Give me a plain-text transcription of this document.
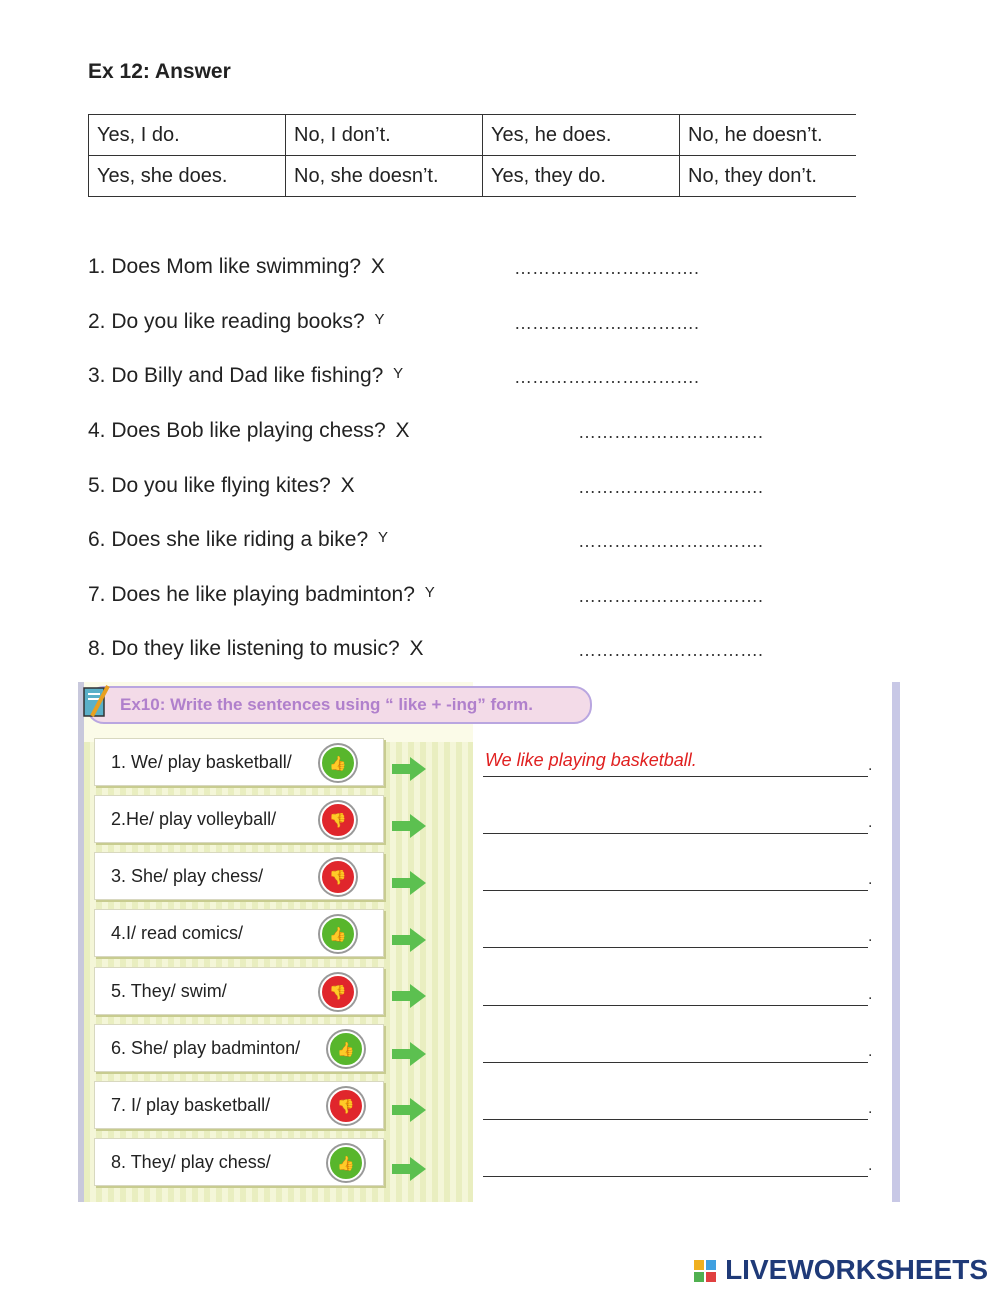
Ex 12: Answer
Yes, I do.	No, I don’t.	Yes, he does.	No, he doesn’t.
Yes, she does.	No, she doesn’t.	Yes, they do.	No, they don’t.
1. Does Mom like swimming? X	………………………….
2. Do you like reading books? Y	………………………….
3. Do Billy and Dad like fishing? Y	………………………….
4. Does Bob like playing chess? X	………………………….
5. Do you like flying kites? X	………………………….
6. Does she like riding a bike? Y	………………………….
7. Does he like playing badminton? Y	………………………….
8. Do they like listening to music? X	………………………….
Ex10: Write the sentences using “ like + -ing” form.
1. We/ play basketball/	👍	We like playing basketball.	.
2.He/ play volleyball/	👎	.
3. She/ play chess/	👎	.
4.I/ read comics/	👍	.
5. They/ swim/	👎	.
6. She/ play badminton/	👍	.
7. I/ play basketball/	👎	.
8. They/ play chess/	👍	.
LIVEWORKSHEETS
